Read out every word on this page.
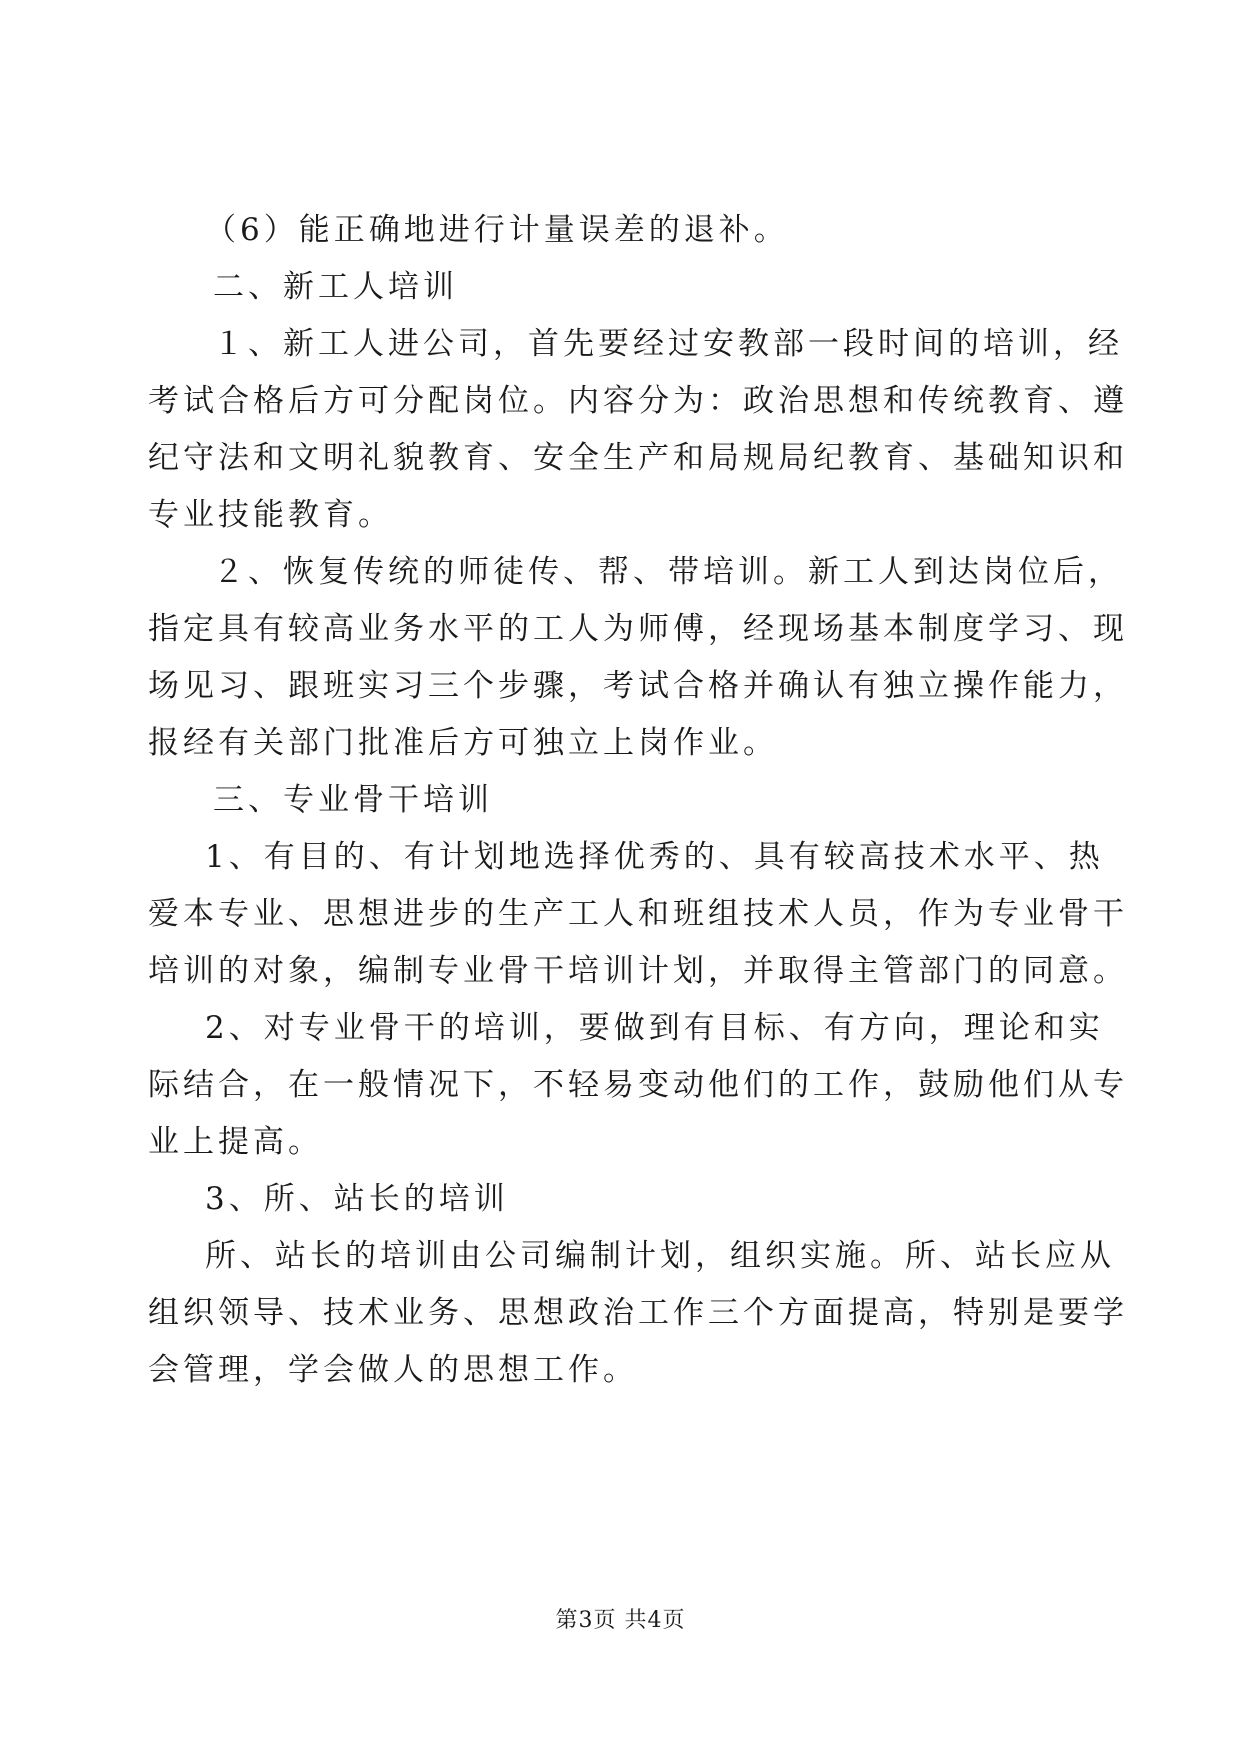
（6）能正确地进行计量误差的退补。
二、新工人培训
１、新工人进公司，首先要经过安教部一段时间的培训，经
考试合格后方可分配岗位。内容分为：政治思想和传统教育、遵
纪守法和文明礼貌教育、安全生产和局规局纪教育、基础知识和
专业技能教育。
２、恢复传统的师徒传、帮、带培训。新工人到达岗位后，
指定具有较高业务水平的工人为师傅，经现场基本制度学习、现
场见习、跟班实习三个步骤，考试合格并确认有独立操作能力，
报经有关部门批准后方可独立上岗作业。
三、专业骨干培训
1、有目的、有计划地选择优秀的、具有较高技术水平、热
爱本专业、思想进步的生产工人和班组技术人员，作为专业骨干
培训的对象，编制专业骨干培训计划，并取得主管部门的同意。
2、对专业骨干的培训，要做到有目标、有方向，理论和实
际结合，在一般情况下，不轻易变动他们的工作，鼓励他们从专
业上提高。
3、所、站长的培训
所、站长的培训由公司编制计划，组织实施。所、站长应从
组织领导、技术业务、思想政治工作三个方面提高，特别是要学
会管理，学会做人的思想工作。
第3页 共4页
